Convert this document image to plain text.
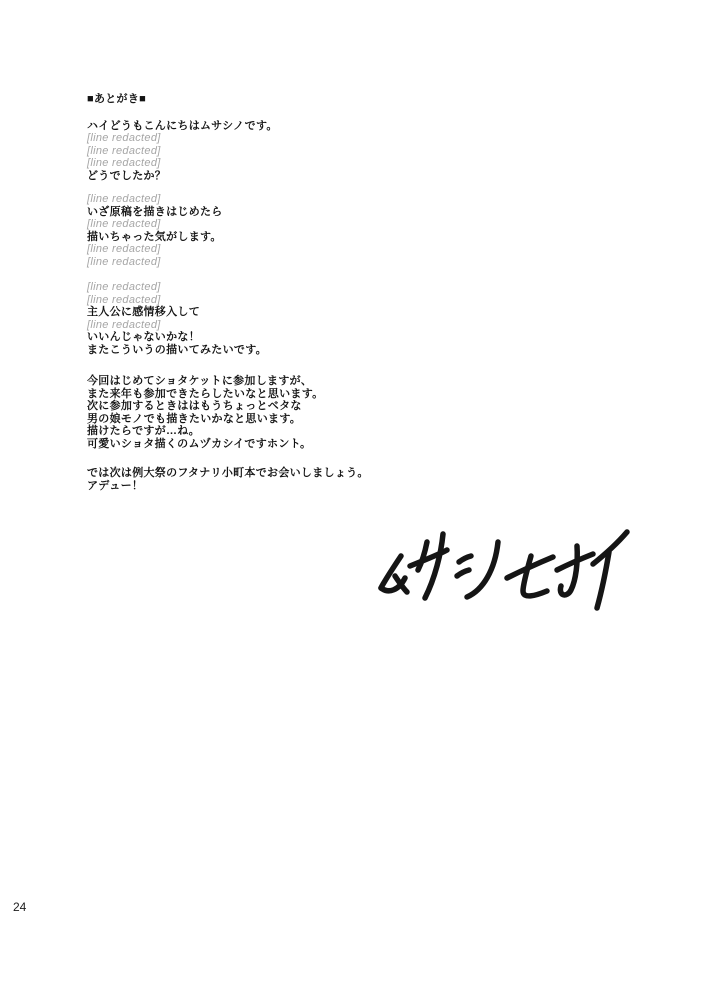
■あとがき■

ハイどうもこんにちはムサシノです。
[line redacted]
[line redacted]
[line redacted]
どうでしたか？

[line redacted]
いざ原稿を描きはじめたら
[line redacted]
描いちゃった気がします。
[line redacted]
[line redacted]

[line redacted]
[line redacted]
主人公に感情移入して
[line redacted]
いいんじゃないかな！
またこういうの描いてみたいです。

今回はじめてショタケットに参加しますが、
また来年も参加できたらしたいなと思います。
次に参加するときははもうちょっとベタな
男の娘モノでも描きたいかなと思います。
描けたらですが…ね。
可愛いショタ描くのムヅカシイですホント。

では次は例大祭のフタナリ小町本でお会いしましょう。
アデュー！

24
